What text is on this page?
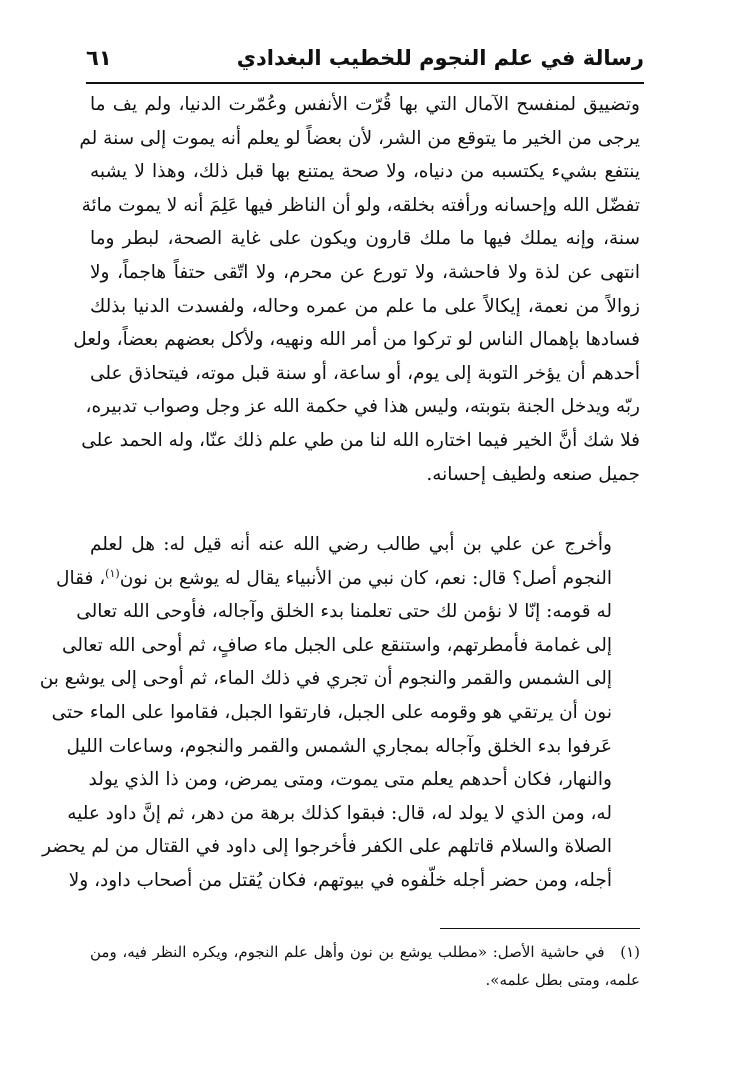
رسالة في علم النجوم للخطيب البغدادي
٦١
وتضييق لمنفسح الآمال التي بها قُرّت الأنفس وعُمّرت الدنيا، ولم يف ما
يرجى من الخير ما يتوقع من الشر، لأن بعضاً لو يعلم أنه يموت إلى سنة لم
ينتفع بشيء يكتسبه من دنياه، ولا صحة يمتنع بها قبل ذلك، وهذا لا يشبه
تفضّل الله وإحسانه ورأفته بخلقه، ولو أن الناظر فيها عَلِمَ أنه لا يموت مائة
سنة، وإنه يملك فيها ما ملك قارون ويكون على غاية الصحة، لبطر وما
انتهى عن لذة ولا فاحشة، ولا تورع عن محرم، ولا اتّقى حتفاً هاجماً، ولا
زوالاً من نعمة، إيكالاً على ما علم من عمره وحاله، ولفسدت الدنيا بذلك
فسادها بإهمال الناس لو تركوا من أمر الله ونهيه، ولأكل بعضهم بعضاً، ولعل
أحدهم أن يؤخر التوبة إلى يوم، أو ساعة، أو سنة قبل موته، فيتحاذق على
ربّه ويدخل الجنة بتوبته، وليس هذا في حكمة الله عز وجل وصواب تدبيره،
فلا شك أنَّ الخير فيما اختاره الله لنا من طي علم ذلك عنّا، وله الحمد على
جميل صنعه ولطيف إحسانه.
وأخرج عن علي بن أبي طالب رضي الله عنه أنه قيل له: هل لعلم
النجوم أصل؟ قال: نعم، كان نبي من الأنبياء يقال له يوشع بن نون$^{(١)}$، فقال
له قومه: إنّا لا نؤمن لك حتى تعلمنا بدء الخلق وآجاله، فأوحى الله تعالى
إلى غمامة فأمطرتهم، واستنقع على الجبل ماء صافٍ، ثم أوحى الله تعالى
إلى الشمس والقمر والنجوم أن تجري في ذلك الماء، ثم أوحى إلى يوشع بن
نون أن يرتقي هو وقومه على الجبل، فارتقوا الجبل، فقاموا على الماء حتى
عَرفوا بدء الخلق وآجاله بمجاري الشمس والقمر والنجوم، وساعات الليل
والنهار، فكان أحدهم يعلم متى يموت، ومتى يمرض، ومن ذا الذي يولد
له، ومن الذي لا يولد له، قال: فبقوا كذلك برهة من دهر، ثم إنَّ داود عليه
الصلاة والسلام قاتلهم على الكفر فأخرجوا إلى داود في القتال من لم يحضر
أجله، ومن حضر أجله خلّفوه في بيوتهم، فكان يُقتل من أصحاب داود، ولا
(١) في حاشية الأصل: «مطلب يوشع بن نون وأهل علم النجوم، ويكره النظر فيه، ومن علمه، ومتى بطل علمه».
